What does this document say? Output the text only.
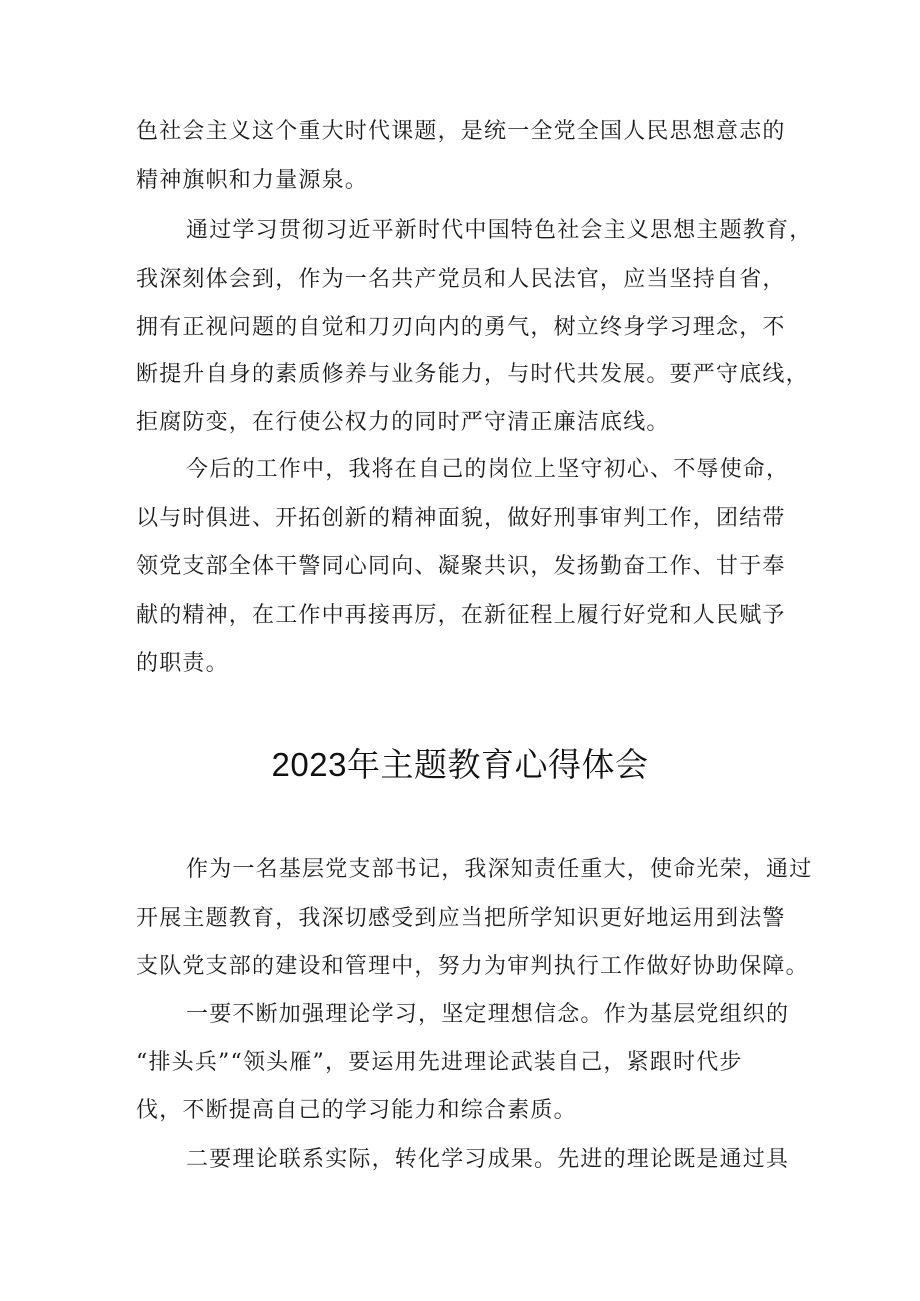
色社会主义这个重大时代课题，是统一全党全国人民思想意志的
精神旗帜和力量源泉。
通过学习贯彻习近平新时代中国特色社会主义思想主题教育，
我深刻体会到，作为一名共产党员和人民法官，应当坚持自省，
拥有正视问题的自觉和刀刃向内的勇气，树立终身学习理念，不
断提升自身的素质修养与业务能力，与时代共发展。要严守底线，
拒腐防变，在行使公权力的同时严守清正廉洁底线。
今后的工作中，我将在自己的岗位上坚守初心、不辱使命，
以与时俱进、开拓创新的精神面貌，做好刑事审判工作，团结带
领党支部全体干警同心同向、凝聚共识，发扬勤奋工作、甘于奉
献的精神，在工作中再接再厉，在新征程上履行好党和人民赋予
的职责。
2023年主题教育心得体会
作为一名基层党支部书记，我深知责任重大，使命光荣，通过
开展主题教育，我深切感受到应当把所学知识更好地运用到法警
支队党支部的建设和管理中，努力为审判执行工作做好协助保障。
一要不断加强理论学习，坚定理想信念。作为基层党组织的
“排头兵”“领头雁”，要运用先进理论武装自己，紧跟时代步
伐，不断提高自己的学习能力和综合素质。
二要理论联系实际，转化学习成果。先进的理论既是通过具
